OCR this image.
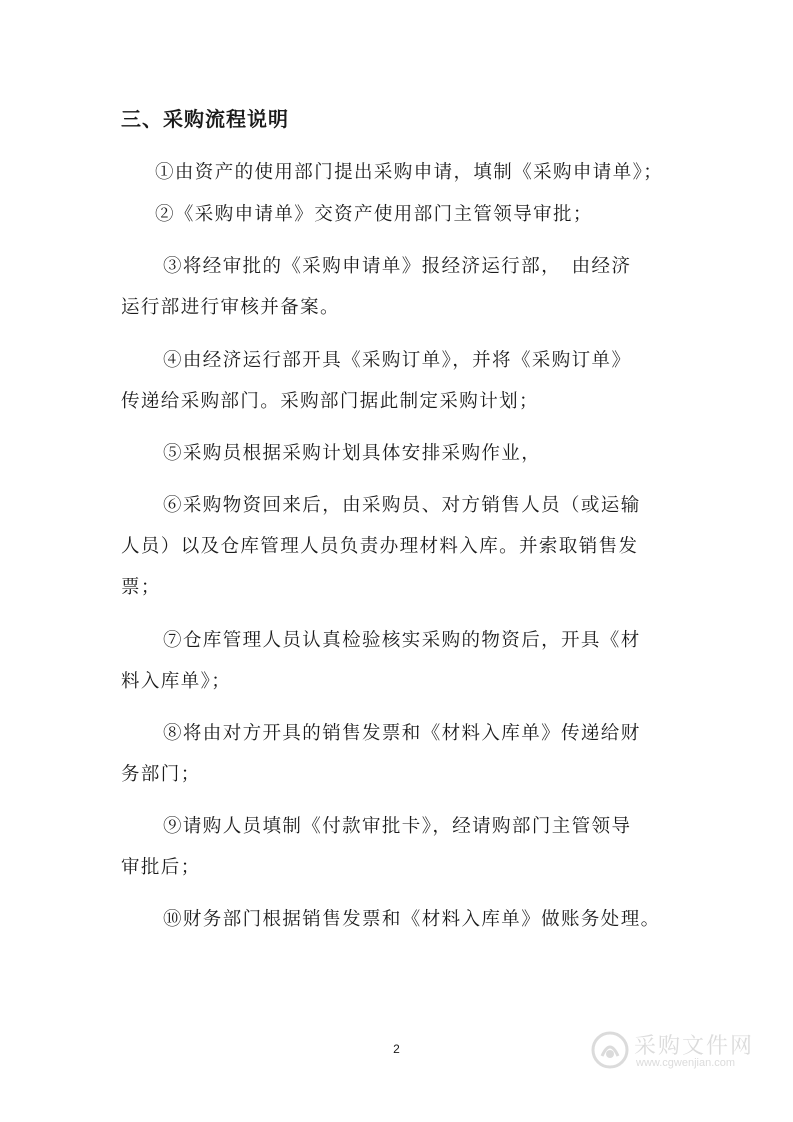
三、采购流程说明
①由资产的使用部门提出采购申请，填制《采购申请单》；
②《采购申请单》交资产使用部门主管领导审批；
③将经审批的《采购申请单》报经济运行部，　由经济
运行部进行审核并备案。
④由经济运行部开具《采购订单》，并将《采购订单》
传递给采购部门。采购部门据此制定采购计划；
⑤采购员根据采购计划具体安排采购作业，
⑥采购物资回来后，由采购员、对方销售人员（或运输
人员）以及仓库管理人员负责办理材料入库。并索取销售发
票；
⑦仓库管理人员认真检验核实采购的物资后，开具《材
料入库单》；
⑧将由对方开具的销售发票和《材料入库单》传递给财
务部门；
⑨请购人员填制《付款审批卡》，经请购部门主管领导
审批后；
⑩财务部门根据销售发票和《材料入库单》做账务处理。
2	采购文件网
www.cgwenjian.com
